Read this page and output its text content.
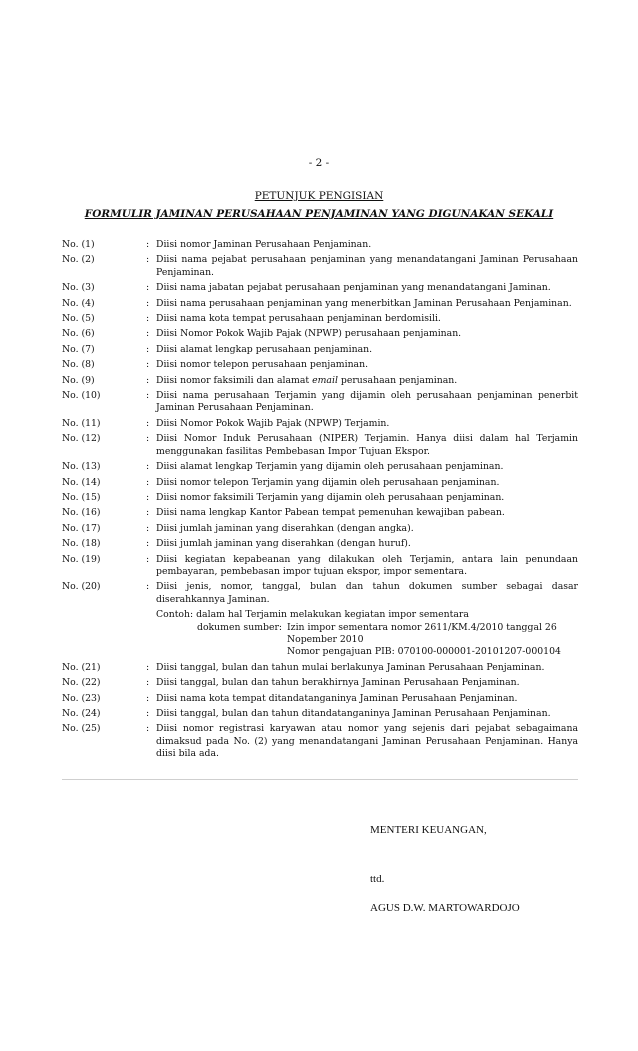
- 2 -
PETUNJUK PENGISIAN
FORMULIR JAMINAN PERUSAHAAN PENJAMINAN YANG DIGUNAKAN SEKALI
No. (1)	: Diisi nomor Jaminan Perusahaan Penjaminan.
No. (2)	: Diisi nama pejabat perusahaan penjaminan yang menandatangani Jaminan Perusahaan Penjaminan.
No. (3)	: Diisi nama jabatan pejabat perusahaan penjaminan yang menandatangani Jaminan.
No. (4)	: Diisi nama perusahaan penjaminan yang menerbitkan Jaminan Perusahaan Penjaminan.
No. (5)	: Diisi nama kota tempat perusahaan penjaminan berdomisili.
No. (6)	: Diisi Nomor Pokok Wajib Pajak (NPWP) perusahaan penjaminan.
No. (7)	: Diisi alamat lengkap perusahaan penjaminan.
No. (8)	: Diisi nomor telepon perusahaan penjaminan.
No. (9)	: Diisi nomor faksimili dan alamat email perusahaan penjaminan.
No. (10)	: Diisi nama perusahaan Terjamin yang dijamin oleh perusahaan penjaminan penerbit Jaminan Perusahaan Penjaminan.
No. (11)	: Diisi Nomor Pokok Wajib Pajak (NPWP) Terjamin.
No. (12)	: Diisi Nomor Induk Perusahaan (NIPER) Terjamin. Hanya diisi dalam hal Terjamin menggunakan fasilitas Pembebasan Impor Tujuan Ekspor.
No. (13)	: Diisi alamat lengkap Terjamin yang dijamin oleh perusahaan penjaminan.
No. (14)	: Diisi nomor telepon Terjamin yang dijamin oleh perusahaan penjaminan.
No. (15)	: Diisi nomor faksimili Terjamin yang dijamin oleh perusahaan penjaminan.
No. (16)	: Diisi nama lengkap Kantor Pabean tempat pemenuhan kewajiban pabean.
No. (17)	: Diisi jumlah jaminan yang diserahkan (dengan angka).
No. (18)	: Diisi jumlah jaminan yang diserahkan (dengan huruf).
No. (19)	: Diisi kegiatan kepabeanan yang dilakukan oleh Terjamin, antara lain penundaan pembayaran, pembebasan impor tujuan ekspor, impor sementara.
No. (20)	: Diisi jenis, nomor, tanggal, bulan dan tahun dokumen sumber sebagai dasar diserahkannya Jaminan.
Contoh: dalam hal Terjamin melakukan kegiatan impor sementara
dokumen sumber: Izin impor sementara nomor 2611/KM.4/2010 tanggal 26 Nopember 2010
Nomor pengajuan PIB: 070100-000001-20101207-000104
No. (21)	: Diisi tanggal, bulan dan tahun mulai berlakunya Jaminan Perusahaan Penjaminan.
No. (22)	: Diisi tanggal, bulan dan tahun berakhirnya Jaminan Perusahaan Penjaminan.
No. (23)	: Diisi nama kota tempat ditandatanganinya Jaminan Perusahaan Penjaminan.
No. (24)	: Diisi tanggal, bulan dan tahun ditandatanganinya Jaminan Perusahaan Penjaminan.
No. (25)	: Diisi nomor registrasi karyawan atau nomor yang sejenis dari pejabat sebagaimana dimaksud pada No. (2) yang menandatangani Jaminan Perusahaan Penjaminan. Hanya diisi bila ada.
MENTERI KEUANGAN,
ttd.
AGUS D.W. MARTOWARDOJO
